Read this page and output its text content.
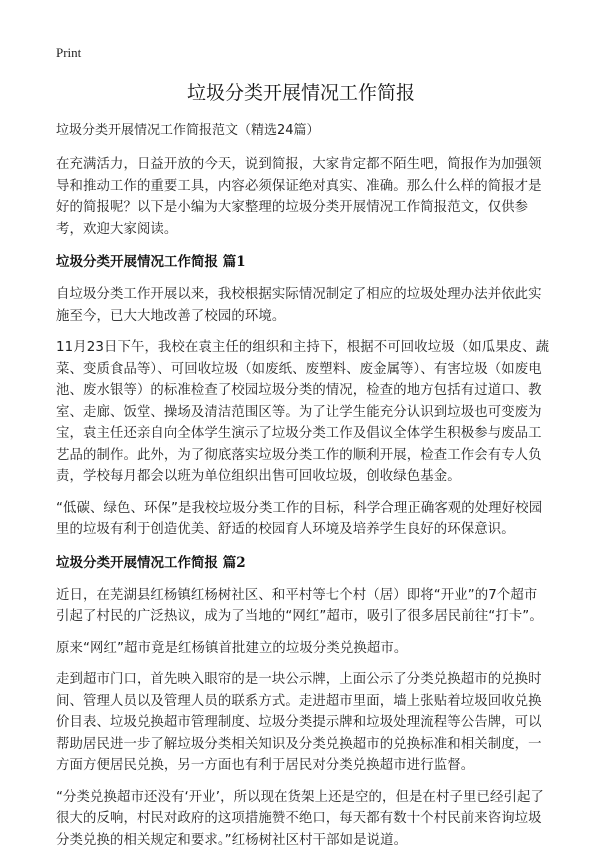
Print
垃圾分类开展情况工作简报
垃圾分类开展情况工作简报范文（精选24篇）

在充满活力，日益开放的今天，说到简报，大家肯定都不陌生吧，简报作为加强领导和推动工作的重要工具，内容必须保证绝对真实、准确。那么什么样的简报才是好的简报呢？以下是小编为大家整理的垃圾分类开展情况工作简报范文，仅供参考，欢迎大家阅读。

垃圾分类开展情况工作简报 篇1

自垃圾分类工作开展以来，我校根据实际情况制定了相应的垃圾处理办法并依此实施至今，已大大地改善了校园的环境。

11月23日下午，我校在袁主任的组织和主持下，根据不可回收垃圾（如瓜果皮、蔬菜、变质食品等）、可回收垃圾（如废纸、废塑料、废金属等）、有害垃圾（如废电池、废水银等）的标准检查了校园垃圾分类的情况，检查的地方包括有过道口、教室、走廊、饭堂、操场及清洁范围区等。为了让学生能充分认识到垃圾也可变废为宝，袁主任还亲自向全体学生演示了垃圾分类工作及倡议全体学生积极参与废品工艺品的制作。此外，为了彻底落实垃圾分类工作的顺利开展，检查工作会有专人负责，学校每月都会以班为单位组织出售可回收垃圾，创收绿色基金。

“低碳、绿色、环保”是我校垃圾分类工作的目标，科学合理正确客观的处理好校园里的垃圾有利于创造优美、舒适的校园育人环境及培养学生良好的环保意识。

垃圾分类开展情况工作简报 篇2

近日，在芜湖县红杨镇红杨树社区、和平村等七个村（居）即将“开业”的7个超市引起了村民的广泛热议，成为了当地的“网红”超市，吸引了很多居民前往“打卡”。

原来“网红”超市竟是红杨镇首批建立的垃圾分类兑换超市。

走到超市门口，首先映入眼帘的是一块公示牌，上面公示了分类兑换超市的兑换时间、管理人员以及管理人员的联系方式。走进超市里面，墙上张贴着垃圾回收兑换价目表、垃圾兑换超市管理制度、垃圾分类提示牌和垃圾处理流程等公告牌，可以帮助居民进一步了解垃圾分类相关知识及分类兑换超市的兑换标准和相关制度，一方面方便居民兑换，另一方面也有利于居民对分类兑换超市进行监督。

“分类兑换超市还没有‘开业’，所以现在货架上还是空的，但是在村子里已经引起了很大的反响，村民对政府的这项措施赞不绝口，每天都有数十个村民前来咨询垃圾分类兑换的相关规定和要求。”红杨树社区村干部如是说道。
